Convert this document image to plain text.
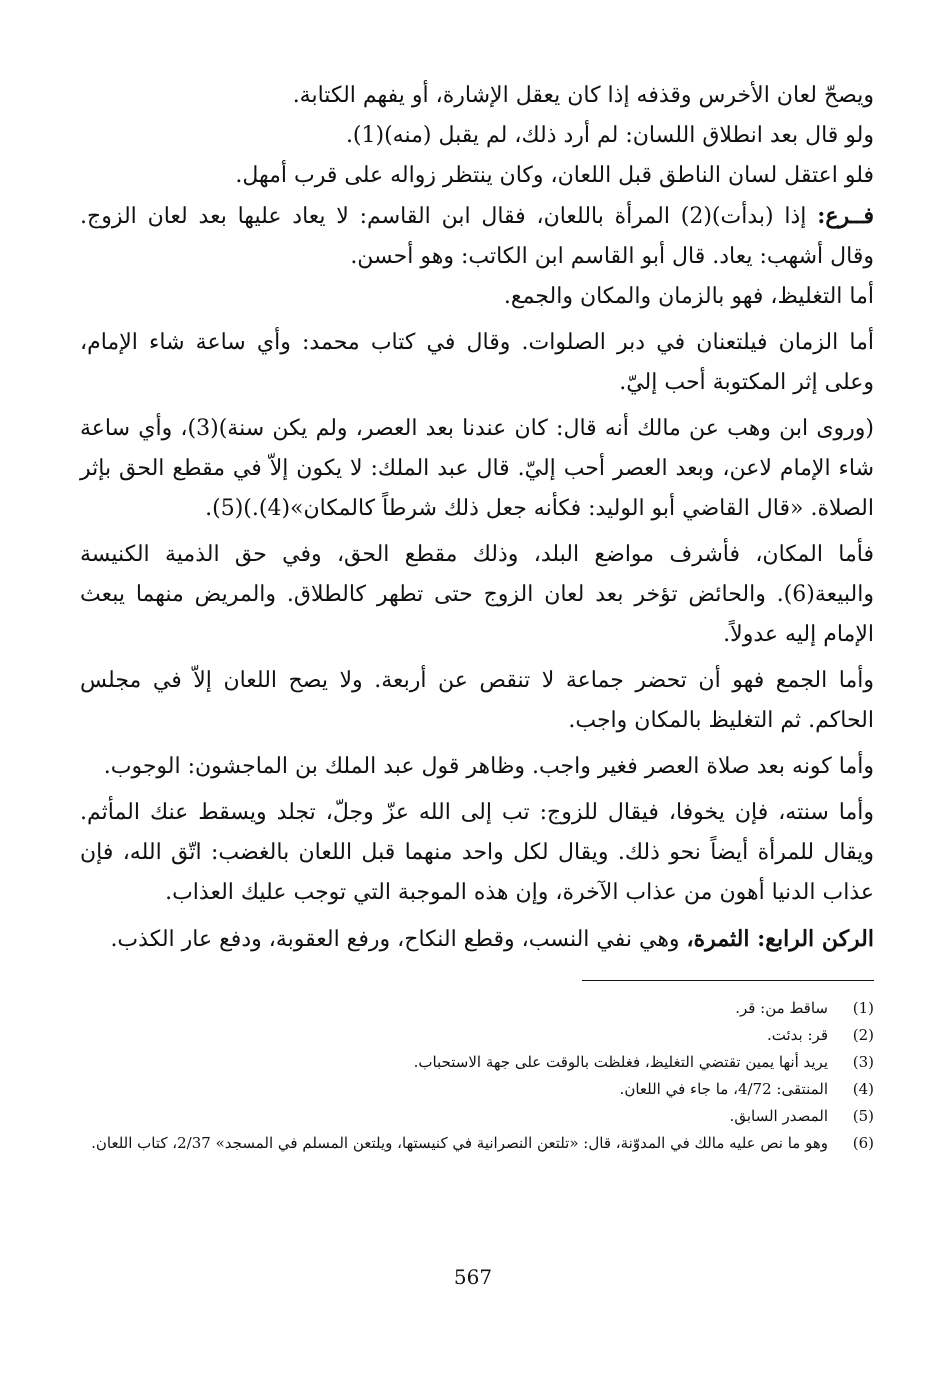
ويصحّ لعان الأخرس وقذفه إذا كان يعقل الإشارة، أو يفهم الكتابة.

ولو قال بعد انطلاق اللسان: لم أرد ذلك، لم يقبل (منه)(1).

فلو اعتقل لسان الناطق قبل اللعان، وكان ينتظر زواله على قرب أمهل.

فــرع: إذا (بدأت)(2) المرأة باللعان، فقال ابن القاسم: لا يعاد عليها بعد لعان الزوج. وقال أشهب: يعاد. قال أبو القاسم ابن الكاتب: وهو أحسن.

أما التغليظ، فهو بالزمان والمكان والجمع.

أما الزمان فيلتعنان في دبر الصلوات. وقال في كتاب محمد: وأي ساعة شاء الإمام، وعلى إثر المكتوبة أحب إليّ.

(وروى ابن وهب عن مالك أنه قال: كان عندنا بعد العصر، ولم يكن سنة)(3)، وأي ساعة شاء الإمام لاعن، وبعد العصر أحب إليّ. قال عبد الملك: لا يكون إلاّ في مقطع الحق بإثر الصلاة. «قال القاضي أبو الوليد: فكأنه جعل ذلك شرطاً كالمكان»(4).)(5).

فأما المكان، فأشرف مواضع البلد، وذلك مقطع الحق، وفي حق الذمية الكنيسة والبيعة(6). والحائض تؤخر بعد لعان الزوج حتى تطهر كالطلاق. والمريض منهما يبعث الإمام إليه عدولاً.

وأما الجمع فهو أن تحضر جماعة لا تنقص عن أربعة. ولا يصح اللعان إلاّ في مجلس الحاكم. ثم التغليظ بالمكان واجب.

وأما كونه بعد صلاة العصر فغير واجب. وظاهر قول عبد الملك بن الماجشون: الوجوب.

وأما سنته، فإن يخوفا، فيقال للزوج: تب إلى الله عزّ وجلّ، تجلد ويسقط عنك المأثم. ويقال للمرأة أيضاً نحو ذلك. ويقال لكل واحد منهما قبل اللعان بالغضب: اتّق الله، فإن عذاب الدنيا أهون من عذاب الآخرة، وإن هذه الموجبة التي توجب عليك العذاب.

الركن الرابع: الثمرة، وهي نفي النسب، وقطع النكاح، ورفع العقوبة، ودفع عار الكذب.

(1)
ساقط من: قر.
(2)
قر: بدئت.
(3)
يريد أنها يمين تقتضي التغليظ، فغلظت بالوقت على جهة الاستحباب.
(4)
المنتقى: 4/72، ما جاء في اللعان.
(5)
المصدر السابق.
(6)
وهو ما نص عليه مالك في المدوّنة، قال: «تلتعن النصرانية في كنيستها، ويلتعن المسلم في المسجد» 2/37، كتاب اللعان.
567
